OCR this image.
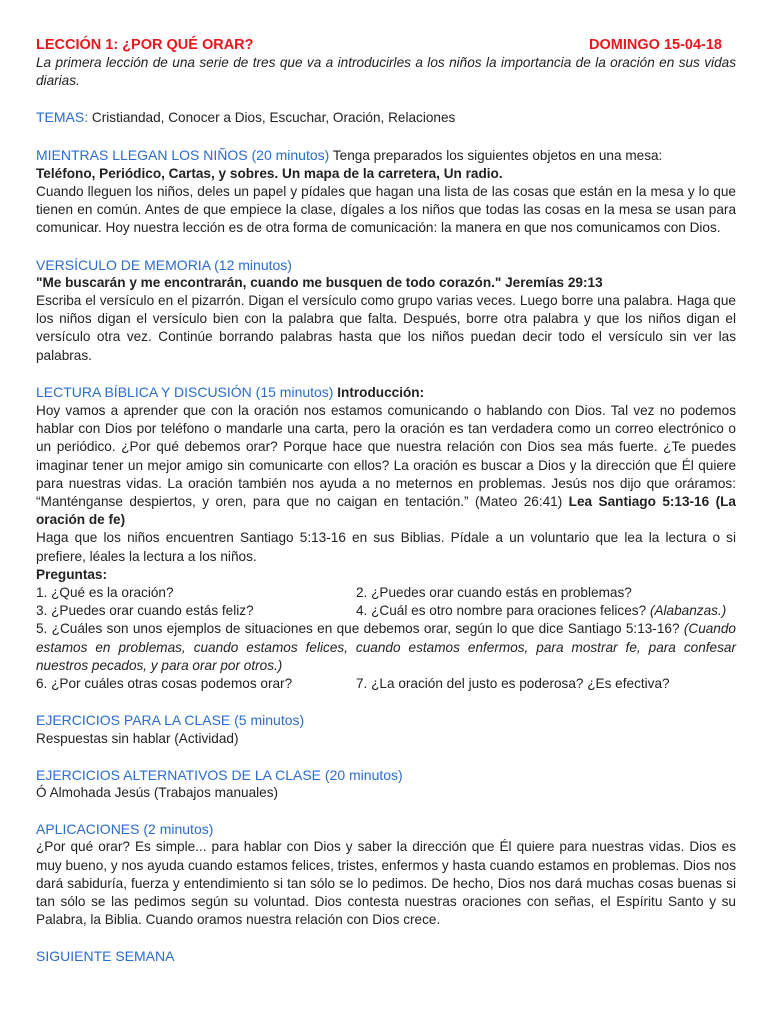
LECCIÓN 1: ¿POR QUÉ ORAR?	DOMINGO 15-04-18

La primera lección de una serie de tres que va a introducirles a los niños la importancia de la oración en sus vidas diarias.

TEMAS: Cristiandad, Conocer a Dios, Escuchar, Oración, Relaciones

MIENTRAS LLEGAN LOS NIÑOS (20 minutos) Tenga preparados los siguientes objetos en una mesa:

Teléfono, Periódico, Cartas, y sobres. Un mapa de la carretera, Un radio.

Cuando lleguen los niños, deles un papel y pídales que hagan una lista de las cosas que están en la mesa y lo que tienen en común. Antes de que empiece la clase, dígales a los niños que todas las cosas en la mesa se usan para comunicar. Hoy nuestra lección es de otra forma de comunicación: la manera en que nos comunicamos con Dios.

VERSÍCULO DE MEMORIA (12 minutos)

"Me buscarán y me encontrarán, cuando me busquen de todo corazón." Jeremías 29:13

Escriba el versículo en el pizarrón. Digan el versículo como grupo varias veces. Luego borre una palabra. Haga que los niños digan el versículo bien con la palabra que falta. Después, borre otra palabra y que los niños digan el versículo otra vez. Continúe borrando palabras hasta que los niños puedan decir todo el versículo sin ver las palabras.

LECTURA BÍBLICA Y DISCUSIÓN (15 minutos) Introducción:

Hoy vamos a aprender que con la oración nos estamos comunicando o hablando con Dios. Tal vez no podemos hablar con Dios por teléfono o mandarle una carta, pero la oración es tan verdadera como un correo electrónico o un periódico. ¿Por qué debemos orar? Porque hace que nuestra relación con Dios sea más fuerte. ¿Te puedes imaginar tener un mejor amigo sin comunicarte con ellos? La oración es buscar a Dios y la dirección que Él quiere para nuestras vidas. La oración también nos ayuda a no meternos en problemas. Jesús nos dijo que oráramos: “Manténganse despiertos, y oren, para que no caigan en tentación.” (Mateo 26:41) Lea Santiago 5:13-16 (La oración de fe)

Haga que los niños encuentren Santiago 5:13-16 en sus Biblias. Pídale a un voluntario que lea la lectura o si prefiere, léales la lectura a los niños.

Preguntas:

1. ¿Qué es la oración?	2. ¿Puedes orar cuando estás en problemas?
3. ¿Puedes orar cuando estás feliz?	4. ¿Cuál es otro nombre para oraciones felices? (Alabanzas.)
5. ¿Cuáles son unos ejemplos de situaciones en que debemos orar, según lo que dice Santiago 5:13-16? (Cuando estamos en problemas, cuando estamos felices, cuando estamos enfermos, para mostrar fe, para confesar nuestros pecados, y para orar por otros.)
6. ¿Por cuáles otras cosas podemos orar?	7. ¿La oración del justo es poderosa? ¿Es efectiva?

EJERCICIOS PARA LA CLASE (5 minutos)

Respuestas sin hablar (Actividad)

EJERCICIOS ALTERNATIVOS DE LA CLASE (20 minutos)

Ó Almohada Jesús (Trabajos manuales)

APLICACIONES (2 minutos)

¿Por qué orar? Es simple... para hablar con Dios y saber la dirección que Él quiere para nuestras vidas. Dios es muy bueno, y nos ayuda cuando estamos felices, tristes, enfermos y hasta cuando estamos en problemas. Dios nos dará sabiduría, fuerza y entendimiento si tan sólo se lo pedimos. De hecho, Dios nos dará muchas cosas buenas si tan sólo se las pedimos según su voluntad. Dios contesta nuestras oraciones con señas, el Espíritu Santo y su Palabra, la Biblia. Cuando oramos nuestra relación con Dios crece.

SIGUIENTE SEMANA
